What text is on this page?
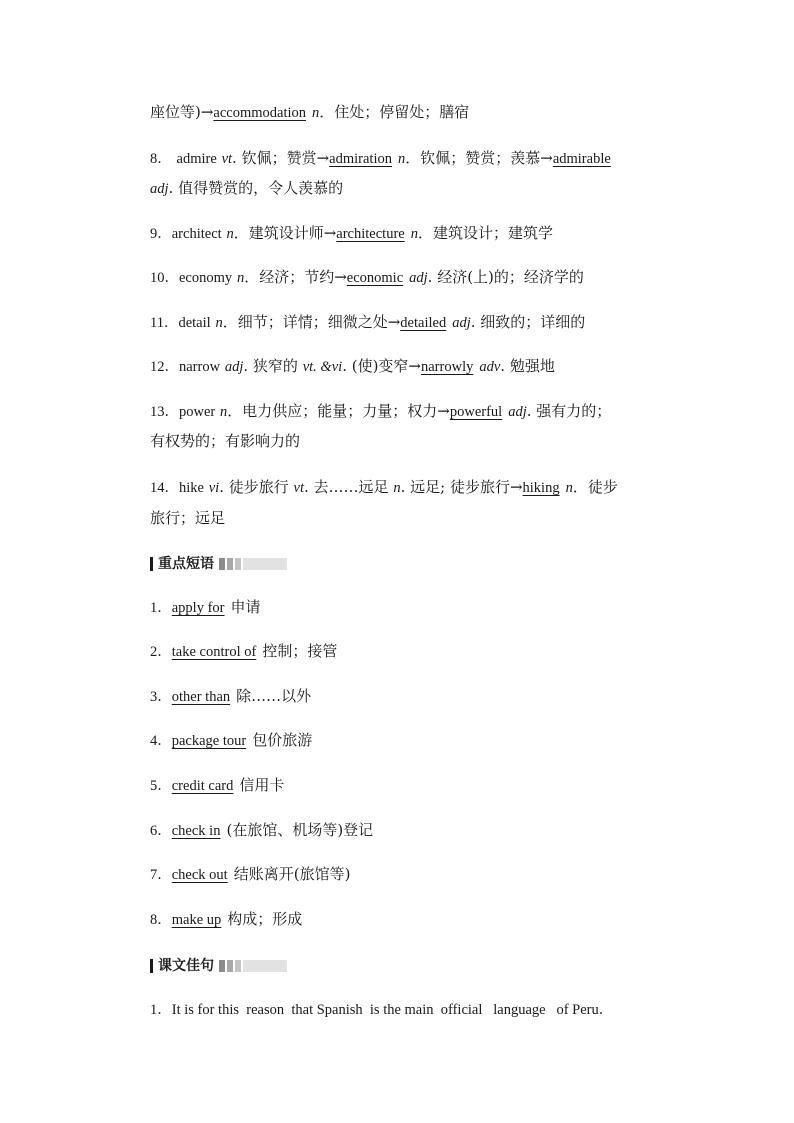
座位等)→accommodation n．住处；停留处；膳宿
8． admire vt. 钦佩；赞赏→admiration n．钦佩；赞赏；羡慕→admirable
adj. 值得赞赏的，令人羡慕的
9．architect n．建筑设计师→architecture n．建筑设计；建筑学
10．economy n．经济；节约→economic adj. 经济(上)的；经济学的
11．detail n．细节；详情；细微之处→detailed adj. 细致的；详细的
12．narrow adj. 狭窄的 vt. &vi. (使)变窄→narrowly adv. 勉强地
13．power n．电力供应；能量；力量；权力→powerful adj. 强有力的；
有权势的；有影响力的
14．hike vi. 徒步旅行 vt. 去……远足 n. 远足; 徒步旅行→hiking n．徒步
旅行；远足
重点短语
1．apply for 申请
2．take control of 控制；接管
3．other than 除……以外
4．package tour 包价旅游
5．credit card 信用卡
6．check in (在旅馆、机场等)登记
7．check out 结账离开(旅馆等)
8．make up 构成；形成
课文佳句
1．It is for this  reason  that Spanish  is the main  official   language   of Peru．
